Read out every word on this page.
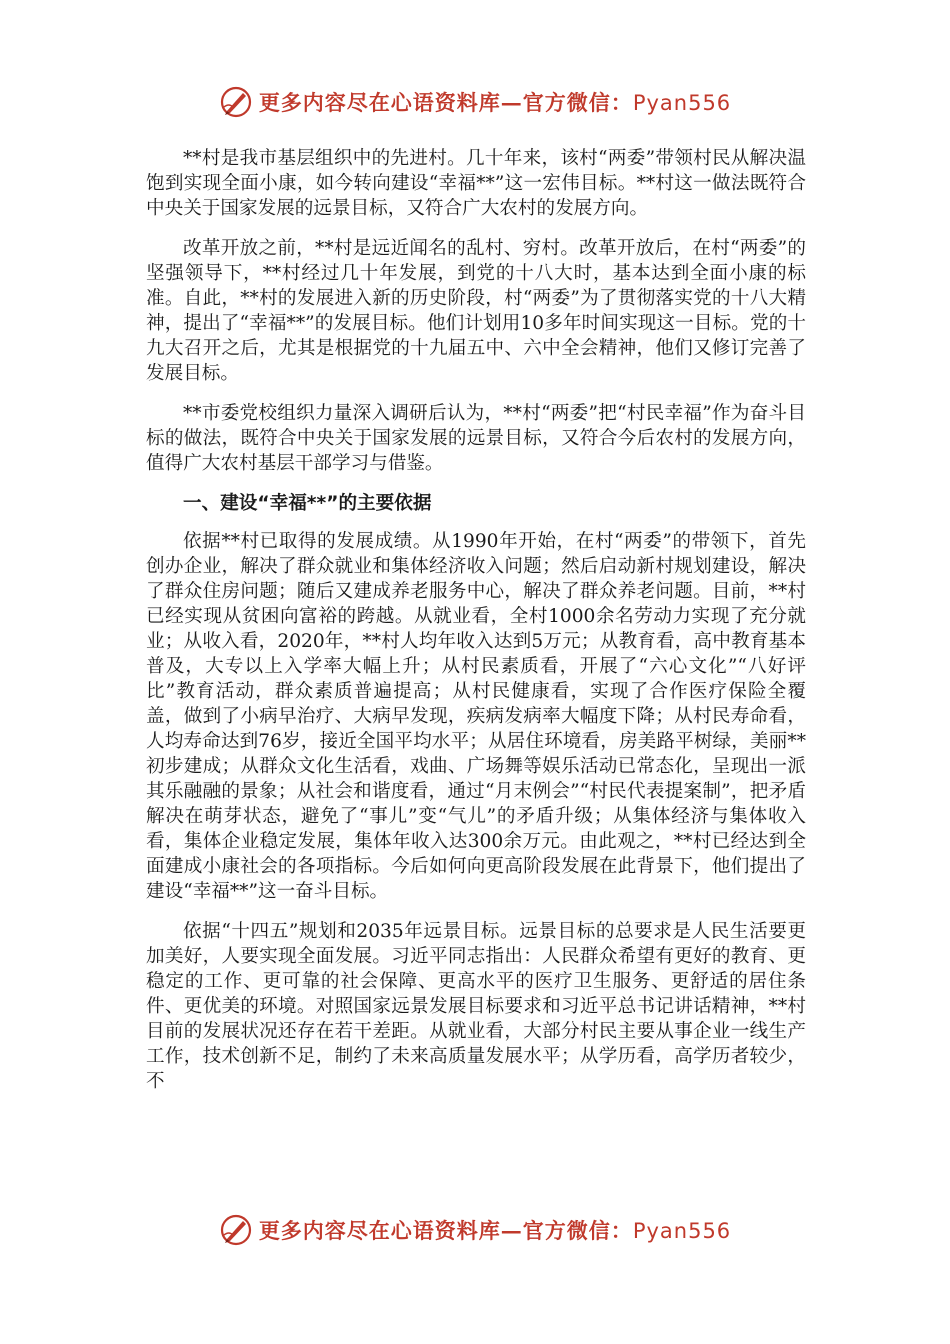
更多内容尽在心语资料库—官方微信：Pyan556

**村是我市基层组织中的先进村。几十年来，该村“两委”带领村民从解决温饱到实现全面小康，如今转向建设“幸福**”这一宏伟目标。**村这一做法既符合中央关于国家发展的远景目标，又符合广大农村的发展方向。

改革开放之前，**村是远近闻名的乱村、穷村。改革开放后，在村“两委”的坚强领导下，**村经过几十年发展，到党的十八大时，基本达到全面小康的标准。自此，**村的发展进入新的历史阶段，村“两委”为了贯彻落实党的十八大精神，提出了“幸福**”的发展目标。他们计划用10多年时间实现这一目标。党的十九大召开之后，尤其是根据党的十九届五中、六中全会精神，他们又修订完善了发展目标。

**市委党校组织力量深入调研后认为，**村“两委”把“村民幸福”作为奋斗目标的做法，既符合中央关于国家发展的远景目标，又符合今后农村的发展方向，值得广大农村基层干部学习与借鉴。

一、建设“幸福**”的主要依据

依据**村已取得的发展成绩。从1990年开始，在村“两委”的带领下，首先创办企业，解决了群众就业和集体经济收入问题；然后启动新村规划建设，解决了群众住房问题；随后又建成养老服务中心，解决了群众养老问题。目前，**村已经实现从贫困向富裕的跨越。从就业看，全村1000余名劳动力实现了充分就业；从收入看，2020年，**村人均年收入达到5万元；从教育看，高中教育基本普及，大专以上入学率大幅上升；从村民素质看，开展了“六心文化”“八好评比”教育活动，群众素质普遍提高；从村民健康看，实现了合作医疗保险全覆盖，做到了小病早治疗、大病早发现，疾病发病率大幅度下降；从村民寿命看，人均寿命达到76岁，接近全国平均水平；从居住环境看，房美路平树绿，美丽**初步建成；从群众文化生活看，戏曲、广场舞等娱乐活动已常态化，呈现出一派其乐融融的景象；从社会和谐度看，通过“月末例会”“村民代表提案制”，把矛盾解决在萌芽状态，避免了“事儿”变“气儿”的矛盾升级；从集体经济与集体收入看，集体企业稳定发展，集体年收入达300余万元。由此观之，**村已经达到全面建成小康社会的各项指标。今后如何向更高阶段发展在此背景下，他们提出了建设“幸福**”这一奋斗目标。

依据“十四五”规划和2035年远景目标。远景目标的总要求是人民生活要更加美好，人要实现全面发展。习近平同志指出：人民群众希望有更好的教育、更稳定的工作、更可靠的社会保障、更高水平的医疗卫生服务、更舒适的居住条件、更优美的环境。对照国家远景发展目标要求和习近平总书记讲话精神，**村目前的发展状况还存在若干差距。从就业看，大部分村民主要从事企业一线生产工作，技术创新不足，制约了未来高质量发展水平；从学历看，高学历者较少，不

更多内容尽在心语资料库—官方微信：Pyan556
